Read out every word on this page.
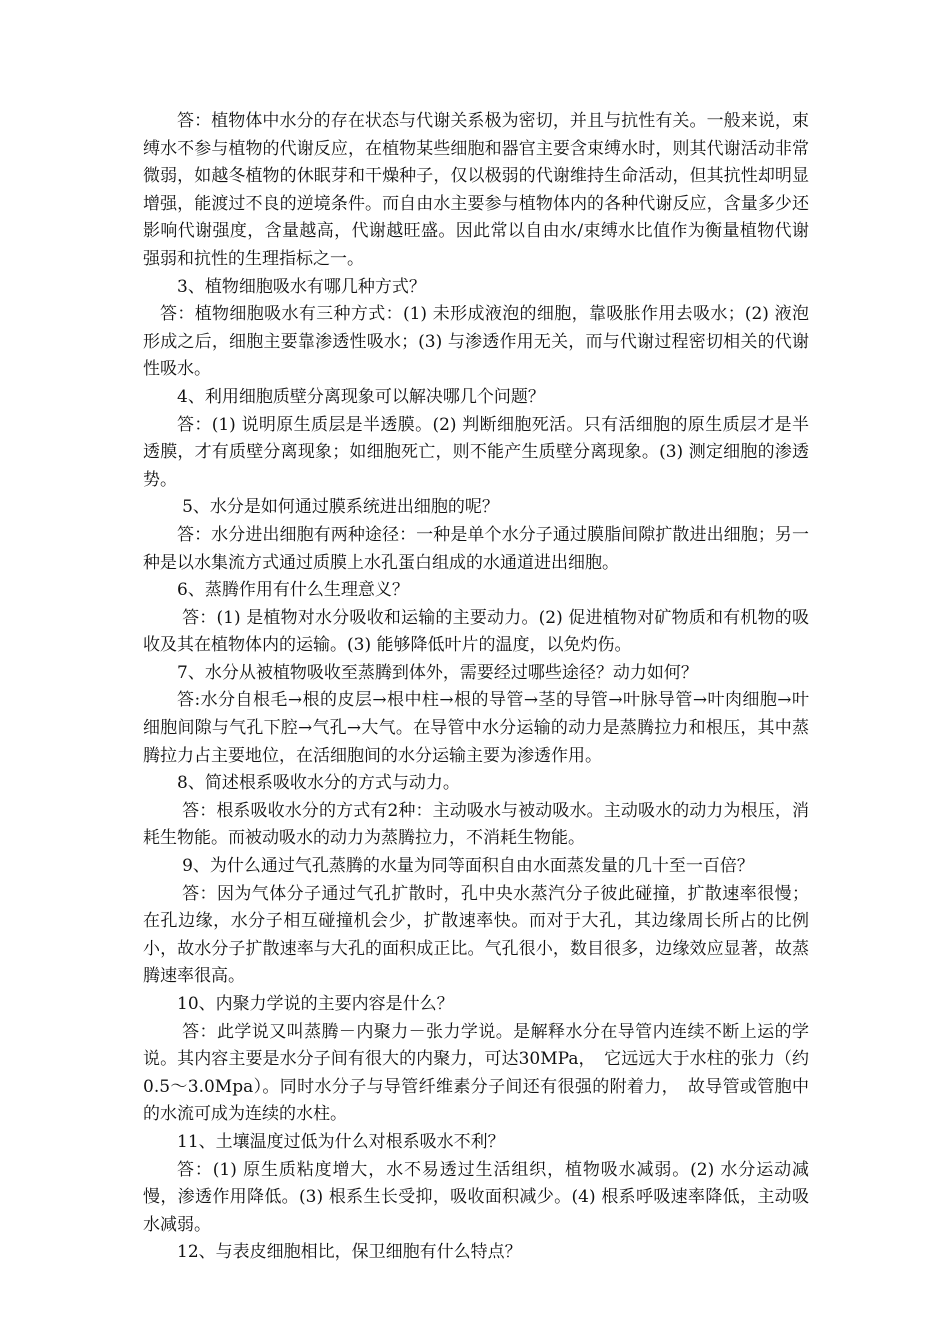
答：植物体中水分的存在状态与代谢关系极为密切，并且与抗性有关。一般来说，束缚水不参与植物的代谢反应，在植物某些细胞和器官主要含束缚水时，则其代谢活动非常微弱，如越冬植物的休眠芽和干燥种子，仅以极弱的代谢维持生命活动，但其抗性却明显增强，能渡过不良的逆境条件。而自由水主要参与植物体内的各种代谢反应，含量多少还影响代谢强度，含量越高，代谢越旺盛。因此常以自由水/束缚水比值作为衡量植物代谢强弱和抗性的生理指标之一。

3、植物细胞吸水有哪几种方式？

答：植物细胞吸水有三种方式：(1) 未形成液泡的细胞，靠吸胀作用去吸水；(2) 液泡形成之后，细胞主要靠渗透性吸水；(3) 与渗透作用无关，而与代谢过程密切相关的代谢性吸水。

4、利用细胞质壁分离现象可以解决哪几个问题？

答：(1) 说明原生质层是半透膜。(2) 判断细胞死活。只有活细胞的原生质层才是半透膜，才有质壁分离现象；如细胞死亡，则不能产生质壁分离现象。(3) 测定细胞的渗透势。

5、水分是如何通过膜系统进出细胞的呢？

答：水分进出细胞有两种途径：一种是单个水分子通过膜脂间隙扩散进出细胞；另一种是以水集流方式通过质膜上水孔蛋白组成的水通道进出细胞。

6、蒸腾作用有什么生理意义？

答：(1) 是植物对水分吸收和运输的主要动力。(2) 促进植物对矿物质和有机物的吸收及其在植物体内的运输。(3) 能够降低叶片的温度，以免灼伤。

7、水分从被植物吸收至蒸腾到体外，需要经过哪些途径？动力如何？

答:水分自根毛→根的皮层→根中柱→根的导管→茎的导管→叶脉导管→叶肉细胞→叶细胞间隙与气孔下腔→气孔→大气。在导管中水分运输的动力是蒸腾拉力和根压，其中蒸腾拉力占主要地位，在活细胞间的水分运输主要为渗透作用。

8、简述根系吸收水分的方式与动力。

答：根系吸收水分的方式有2种：主动吸水与被动吸水。主动吸水的动力为根压，消耗生物能。而被动吸水的动力为蒸腾拉力，不消耗生物能。

9、为什么通过气孔蒸腾的水量为同等面积自由水面蒸发量的几十至一百倍？

答：因为气体分子通过气孔扩散时，孔中央水蒸汽分子彼此碰撞，扩散速率很慢；在孔边缘，水分子相互碰撞机会少，扩散速率快。而对于大孔，其边缘周长所占的比例小，故水分子扩散速率与大孔的面积成正比。气孔很小，数目很多，边缘效应显著，故蒸腾速率很高。

10、内聚力学说的主要内容是什么？

答：此学说又叫蒸腾－内聚力－张力学说。是解释水分在导管内连续不断上运的学说。其内容主要是水分子间有很大的内聚力，可达30MPa，　它远远大于水柱的张力（约0.5～3.0Mpa）。同时水分子与导管纤维素分子间还有很强的附着力，　故导管或管胞中的水流可成为连续的水柱。

11、土壤温度过低为什么对根系吸水不利？

答：(1) 原生质粘度增大，水不易透过生活组织，植物吸水减弱。(2) 水分运动减慢，渗透作用降低。(3) 根系生长受抑，吸收面积减少。(4) 根系呼吸速率降低，主动吸水减弱。

12、与表皮细胞相比，保卫细胞有什么特点？
